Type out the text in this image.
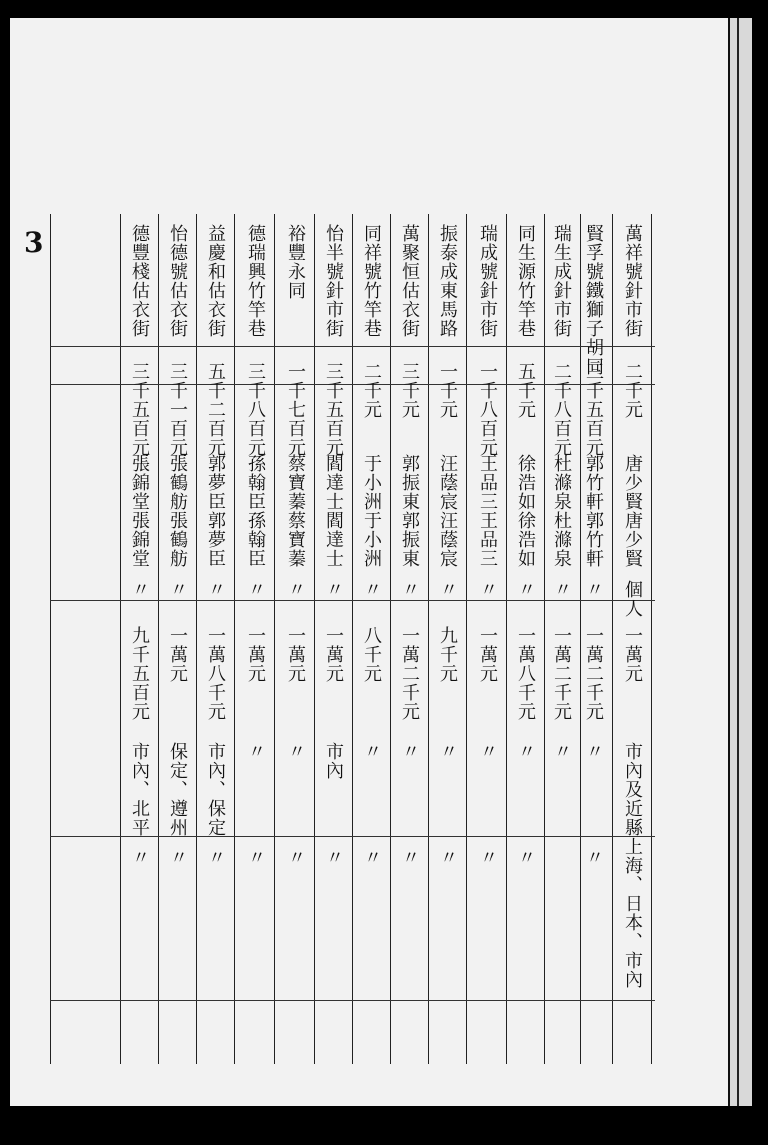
3	萬祥號針市街
二千元
唐少賢唐少賢
個人
一萬元
市內及近縣上海、日本、市內
賢孚號鐵獅子胡同
三千五百元
郭竹軒郭竹軒
〃
一萬二千元
〃
〃
瑞生成針市街
二千八百元
杜滌泉杜滌泉
〃
一萬二千元
〃
同生源竹竿巷
五千元
徐浩如徐浩如
〃
一萬八千元
〃
〃
瑞成號針市街
一千八百元
王品三王品三
〃
一萬元
〃
〃
振泰成東馬路
一千元
汪蔭宸汪蔭宸
〃
九千元
〃
〃
萬聚恒估衣街
三千元
郭振東郭振東
〃
一萬二千元
〃
〃
同祥號竹竿巷
二千元
于小洲于小洲
〃
八千元
〃
〃
怡半號針市街
三千五百元
閻達士閻達士
〃
一萬元
市內
〃
裕豐永同
一千七百元
蔡寶蓁蔡寶蓁
〃
一萬元
〃
〃
德瑞興竹竿巷
三千八百元
孫翰臣孫翰臣
〃
一萬元
〃
〃
益慶和估衣街
五千二百元
郭夢臣郭夢臣
〃
一萬八千元
市內、保定
〃
怡德號估衣街
三千一百元
張鶴舫張鶴舫
〃
一萬元
保定、遵州
〃
德豐棧估衣街
三千五百元
張錦堂張錦堂
〃
九千五百元
市內、北平
〃
